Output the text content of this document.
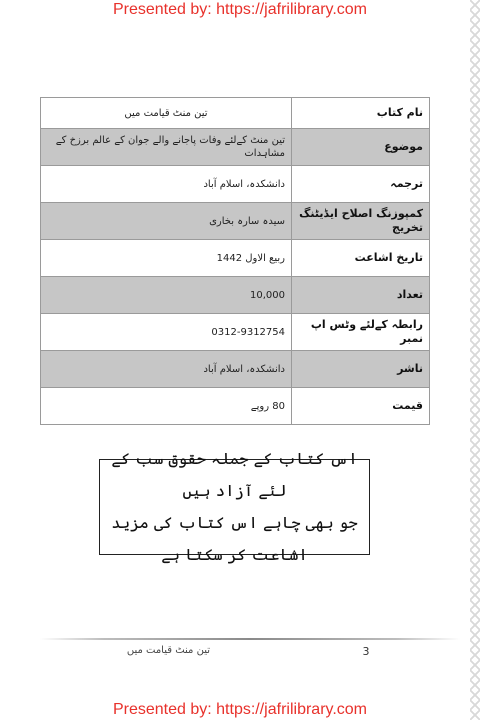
Presented by: https://jafrilibrary.com
نام کتاب	تین منٹ قیامت میں
موضوع	تین منٹ کےلئے وفات پاجانے والے جوان کے عالم برزخ کے مشاہدات
ترجمہ	دانشکدہ، اسلام آباد
کمپوزنگ اصلاح ایڈیٹنگ تخریج	سیدہ سارہ بخاری
تاریخ اشاعت	ربیع الاول 1442
تعداد	10,000
رابطہ کےلئے وٹس اپ نمبر	0312-9312754
ناشر	دانشکدہ، اسلام آباد
قیمت	80 روپے
اس کتاب کے جملہ حقوق سب کے لئے آزاد ہیں
جو بھی چاہے اس کتاب کی مزید اشاعت کر سکتا ہے
3
تین منٹ قیامت میں
Presented by: https://jafrilibrary.com
